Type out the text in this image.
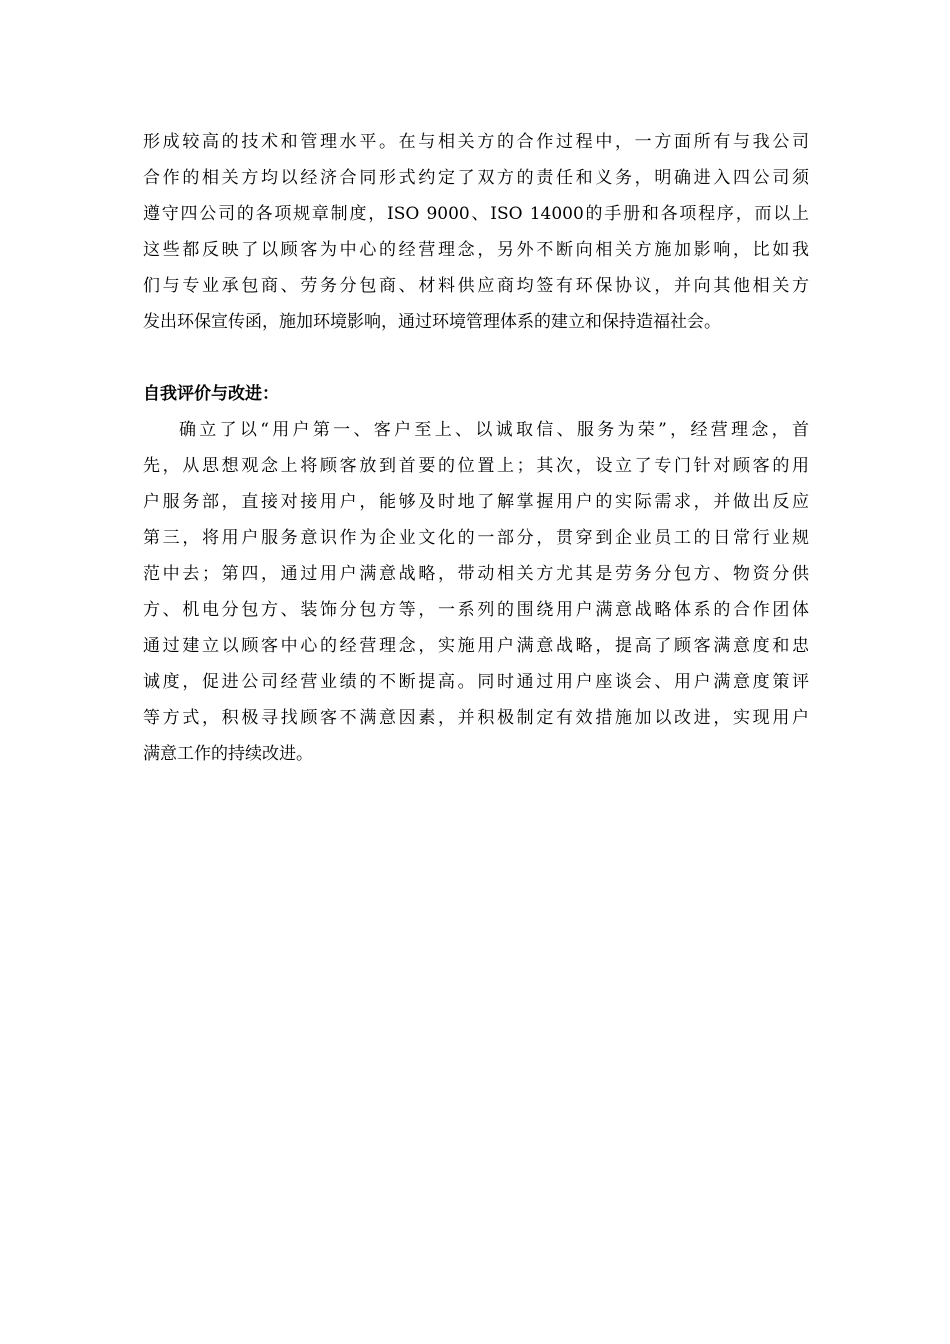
形成较高的技术和管理水平。在与相关方的合作过程中，一方面所有与我公司
合作的相关方均以经济合同形式约定了双方的责任和义务，明确进入四公司须
遵守四公司的各项规章制度，ISO 9000、ISO 14000的手册和各项程序，而以上
这些都反映了以顾客为中心的经营理念，另外不断向相关方施加影响，比如我
们与专业承包商、劳务分包商、材料供应商均签有环保协议，并向其他相关方
发出环保宣传函，施加环境影响，通过环境管理体系的建立和保持造福社会。
自我评价与改进：
确立了以“用户第一、客户至上、以诚取信、服务为荣”，经营理念，首
先，从思想观念上将顾客放到首要的位置上；其次，设立了专门针对顾客的用
户服务部，直接对接用户，能够及时地了解掌握用户的实际需求，并做出反应
第三，将用户服务意识作为企业文化的一部分，贯穿到企业员工的日常行业规
范中去；第四，通过用户满意战略，带动相关方尤其是劳务分包方、物资分供
方、机电分包方、装饰分包方等，一系列的围绕用户满意战略体系的合作团体
通过建立以顾客中心的经营理念，实施用户满意战略，提高了顾客满意度和忠
诚度，促进公司经营业绩的不断提高。同时通过用户座谈会、用户满意度策评
等方式，积极寻找顾客不满意因素，并积极制定有效措施加以改进，实现用户
满意工作的持续改进。
